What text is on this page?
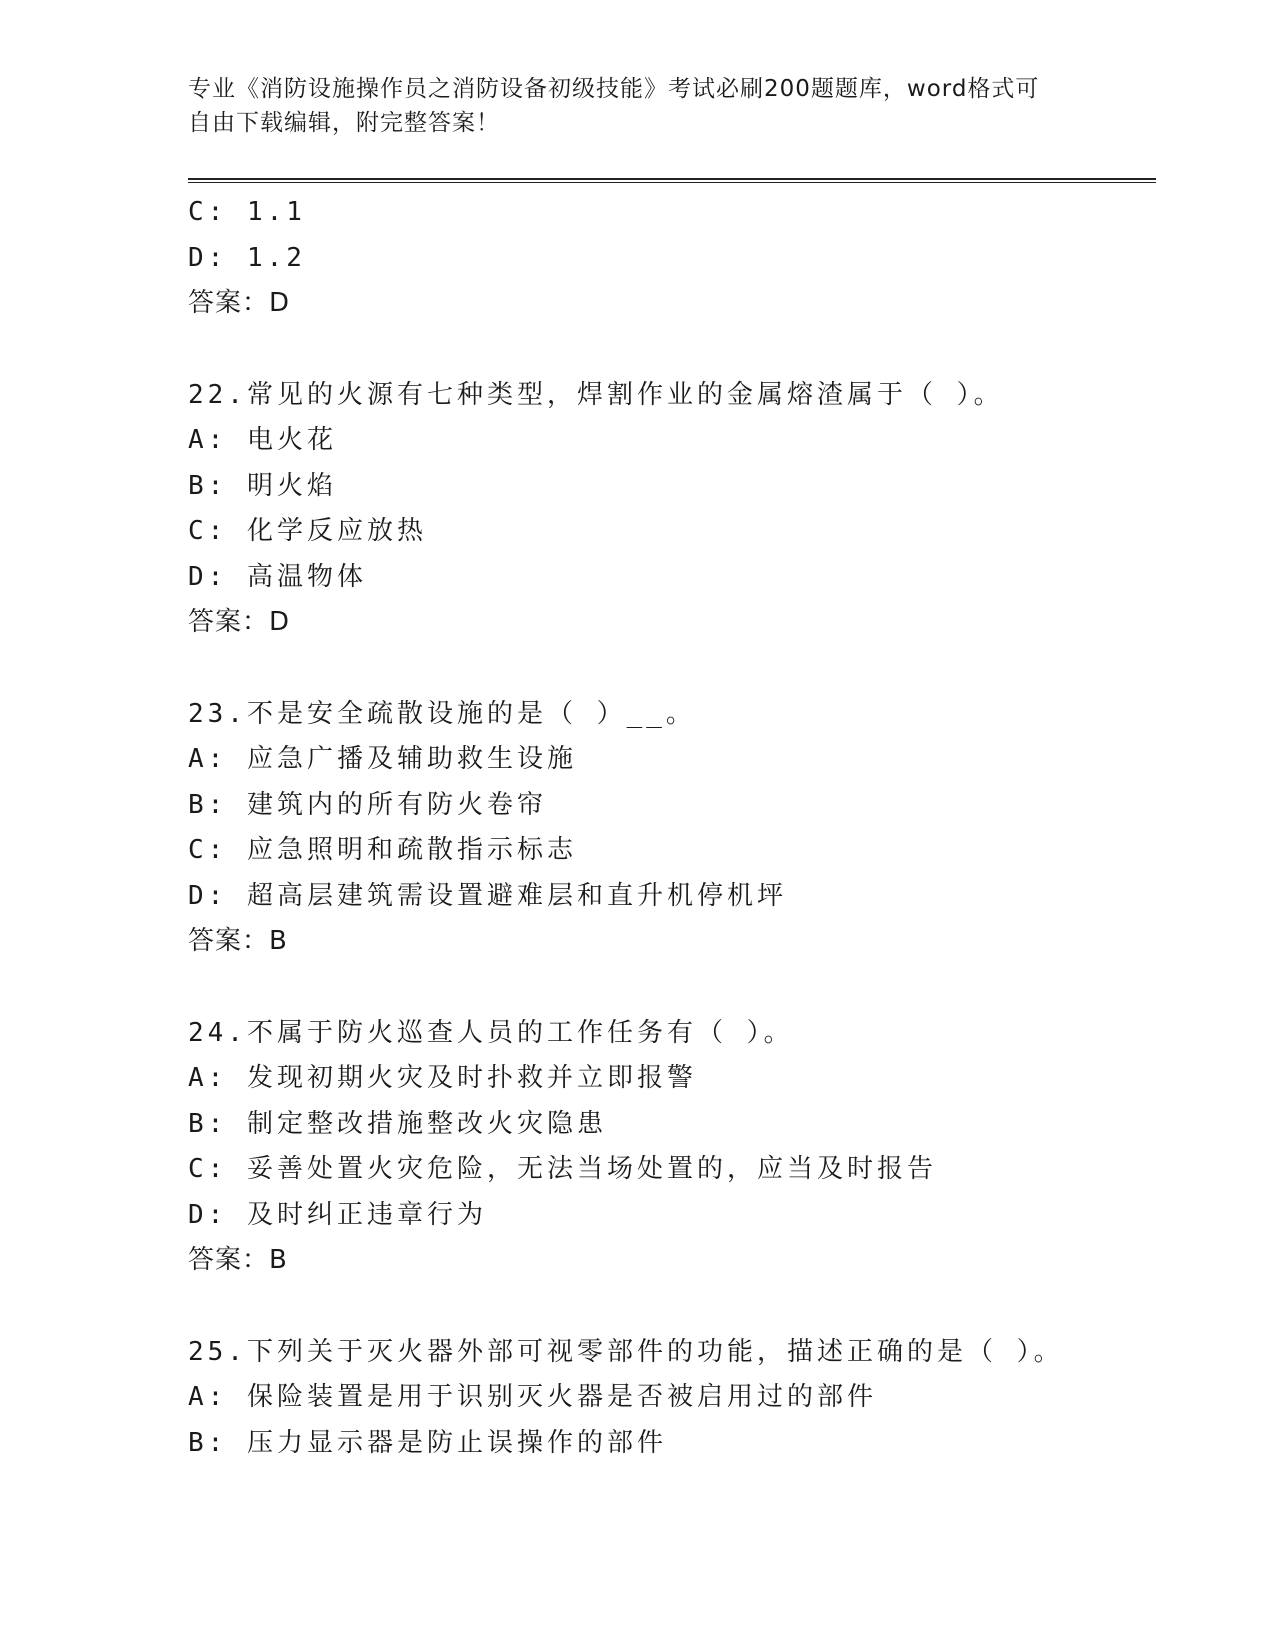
专业《消防设施操作员之消防设备初级技能》考试必刷200题题库，word格式可
自由下载编辑，附完整答案！
C: 1.1
D: 1.2
答案：D
22.常见的火源有七种类型，焊割作业的金属熔渣属于（ ）。
A: 电火花
B: 明火焰
C: 化学反应放热
D: 高温物体
答案：D
23.不是安全疏散设施的是（ ）__。
A: 应急广播及辅助救生设施
B: 建筑内的所有防火卷帘
C: 应急照明和疏散指示标志
D: 超高层建筑需设置避难层和直升机停机坪
答案：B
24.不属于防火巡查人员的工作任务有（ ）。
A: 发现初期火灾及时扑救并立即报警
B: 制定整改措施整改火灾隐患
C: 妥善处置火灾危险，无法当场处置的，应当及时报告
D: 及时纠正违章行为
答案：B
25.下列关于灭火器外部可视零部件的功能，描述正确的是（ ）。
A: 保险装置是用于识别灭火器是否被启用过的部件
B: 压力显示器是防止误操作的部件
